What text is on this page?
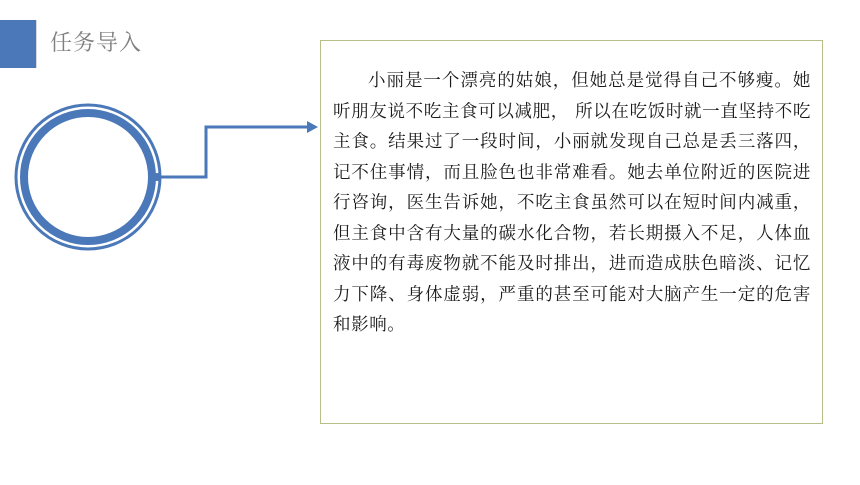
任务导入

小丽是一个漂亮的姑娘，但她总是觉得自己不够瘦。她听朋友说不吃主食可以减肥， 所以在吃饭时就一直坚持不吃主食。结果过了一段时间，小丽就发现自己总是丢三落四， 记不住事情，而且脸色也非常难看。她去单位附近的医院进行咨询，医生告诉她，不吃主食虽然可以在短时间内减重，但主食中含有大量的碳水化合物，若长期摄入不足，人体血液中的有毒废物就不能及时排出，进而造成肤色暗淡、记忆力下降、身体虚弱，严重的甚至可能对大脑产生一定的危害和影响。
